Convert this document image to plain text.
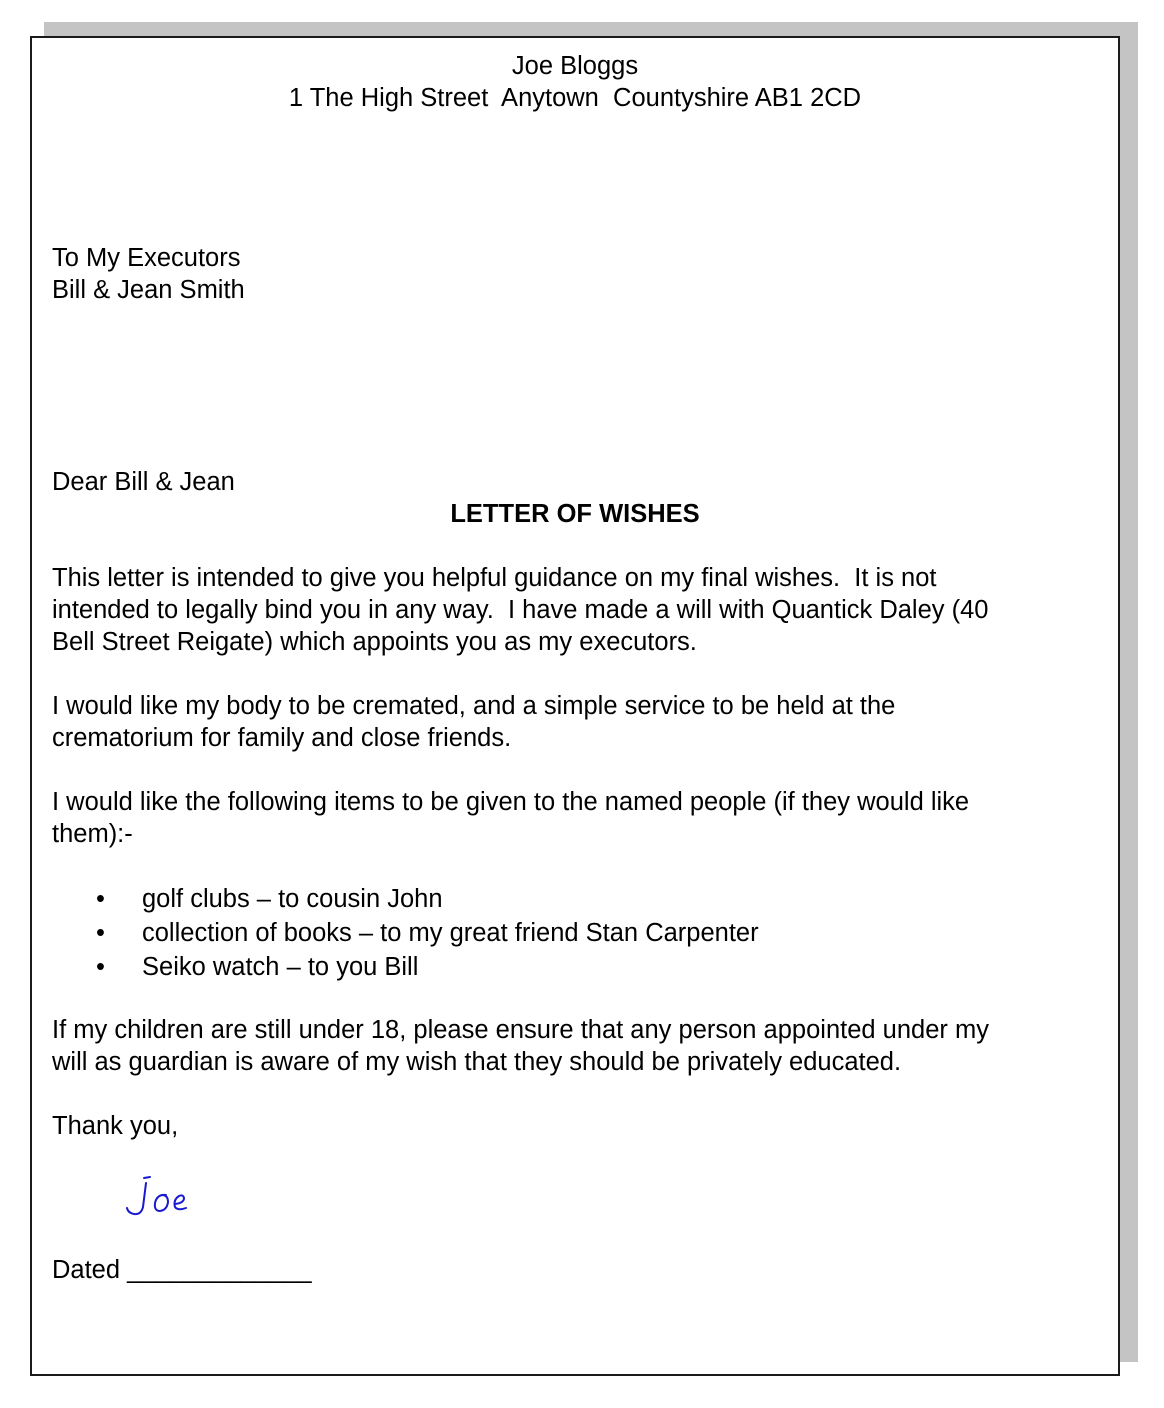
Joe Bloggs
1 The High Street  Anytown  Countyshire AB1 2CD
To My Executors
Bill & Jean Smith
Dear Bill & Jean
LETTER OF WISHES
This letter is intended to give you helpful guidance on my final wishes.  It is not
intended to legally bind you in any way.  I have made a will with Quantick Daley (40
Bell Street Reigate) which appoints you as my executors.
I would like my body to be cremated, and a simple service to be held at the
crematorium for family and close friends.
I would like the following items to be given to the named people (if they would like
them):-
• golf clubs – to cousin John
• collection of books – to my great friend Stan Carpenter
• Seiko watch – to you Bill
If my children are still under 18, please ensure that any person appointed under my
will as guardian is aware of my wish that they should be privately educated.
Thank you,
Dated _____________
